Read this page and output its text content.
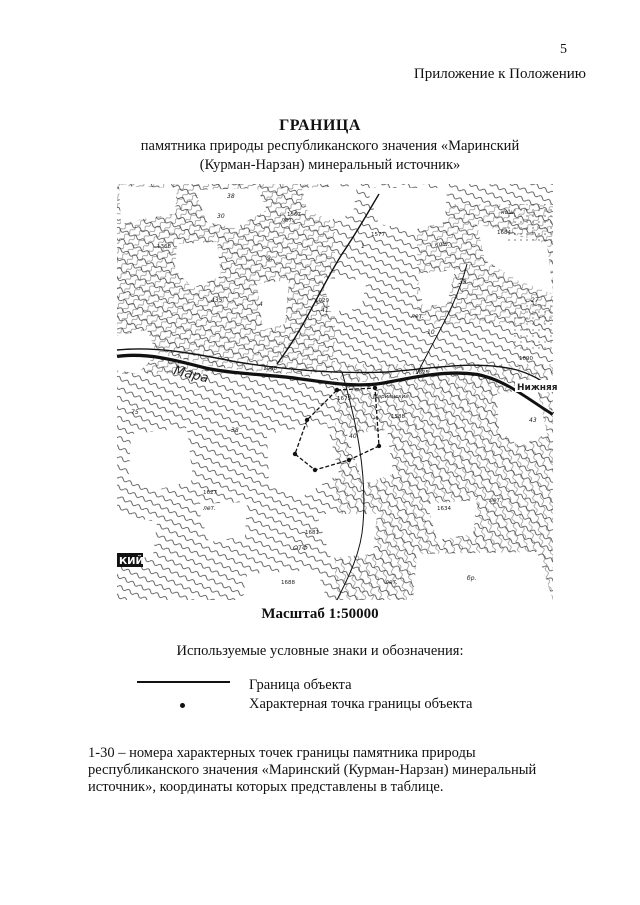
5
Приложение к Положению
ГРАНИЦА
памятника природы республиканского значения «Маринский
(Курман-Нарзан) минеральный источник»
Мара
Нижняя
КИЙ
ОТФ
кош.
кош.
лет.
лет.
лет.
лет.
лет.
бр.
Мариинский
1567
1368
1577	1684
1690
1675
1588
1627
1681
1634
1688
1068
1029
1625
30
38
435
1
4
75
38
41
40
27
10
33
9
43
Масштаб 1:50000
Используемые условные знаки и обозначения:
Граница объекта
Характерная точка границы объекта
1-30 – номера характерных точек границы памятника природы
республиканского значения «Маринский (Курман-Нарзан) минеральный
источник», координаты которых представлены в таблице.
